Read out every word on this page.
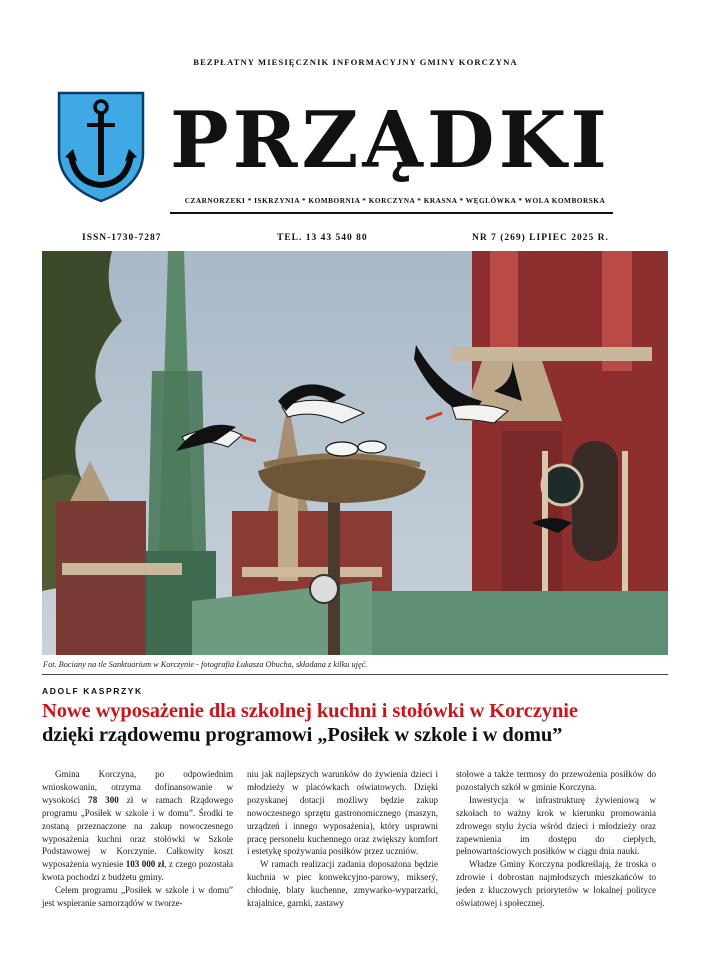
BEZPŁATNY MIESIĘCZNIK INFORMACYJNY GMINY KORCZYNA
PRZĄDKI
CZARNORZEKI * ISKRZYNIA * KOMBORNIA * KORCZYNA * KRASNA * WĘGLÓWKA * WOLA KOMBORSKA
ISSN-1730-7287	TEL. 13 43 540 80	NR 7 (269) LIPIEC 2025 R.
Fot. Bociany na tle Sanktuarium w Korczynie - fotografia Łukasza Obucha, składana z kilku ujęć.
ADOLF KASPRZYK
Nowe wyposażenie dla szkolnej kuchni i stołówki w Korczynie
dzięki rządowemu programowi „Posiłek w szkole i w domu”

Gmina Korczyna, po odpowiednim wnioskowaniu, otrzyma dofinansowanie w wysokości 78 300 zł w ramach Rządowego programu „Posiłek w szkole i w domu”. Środki te zostaną przeznaczone na zakup nowoczesnego wyposażenia kuchni oraz stołówki w Szkole Podstawowej w Korczynie. Całkowity koszt wyposażenia wyniesie 103 000 zł, z czego pozostała kwota pochodzi z budżetu gminy.

Celem programu „Posiłek w szkole i w domu” jest wspieranie samorządów w tworze-

niu jak najlepszych warunków do żywienia dzieci i młodzieży w placówkach oświatowych. Dzięki pozyskanej dotacji możliwy będzie zakup nowoczesnego sprzętu gastronomicznego (maszyn, urządzeń i innego wyposażenia), który usprawni pracę personelu kuchennego oraz zwiększy komfort i estetykę spożywania posiłków przez uczniów.

W ramach realizacji zadania doposażona będzie kuchnia w piec konwekcyjno-parowy, mikserý, chłodnię, blaty kuchenne, zmywarko-wyparzarki, krajalnice, garnki, zastawy

stołowe a także termosy do przewożenia posiłków do pozostałych szkół w gminie Korczyna.

Inwestycja w infrastrukturę żywieniową w szkołach to ważny krok w kierunku promowania zdrowego stylu życia wśród dzieci i młodzieży oraz zapewnienia im dostępu do ciepłych, pełnowartościowych posiłków w ciągu dnia nauki.

Władze Gminy Korczyna podkreślają, że troska o zdrowie i dobrostan najmłodszych mieszkańców to jeden z kluczowych priorytetów w lokalnej polityce oświatowej i społecznej.
